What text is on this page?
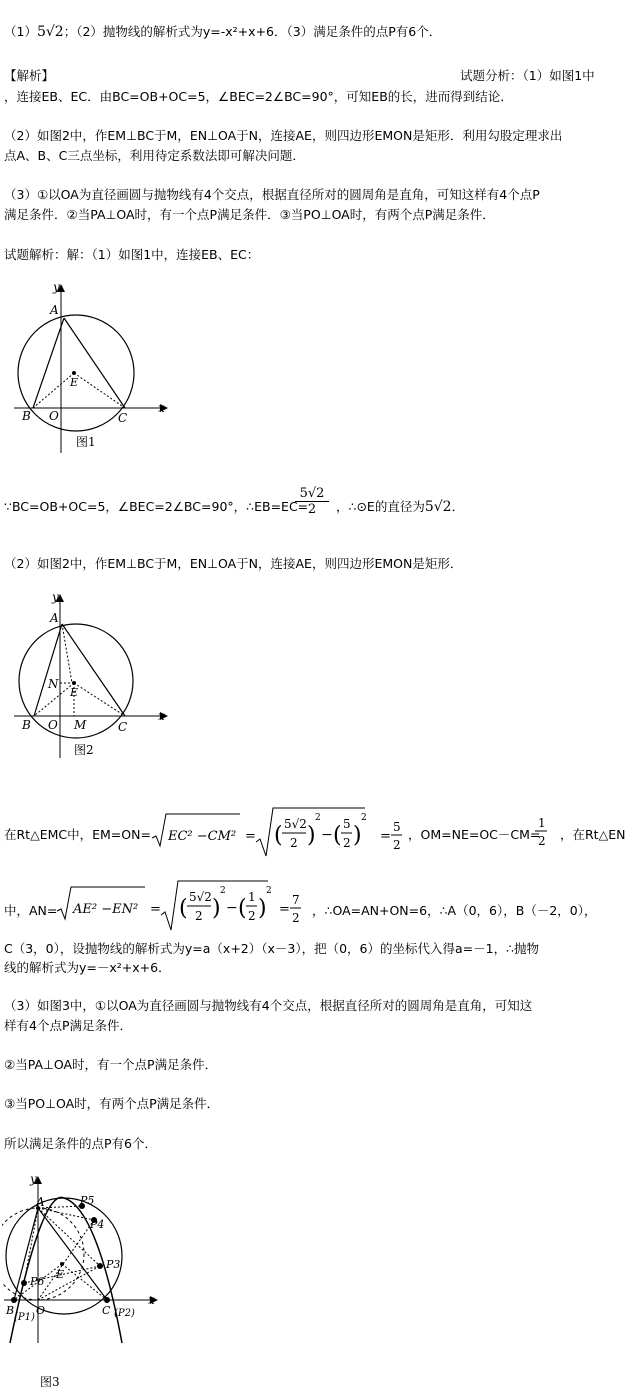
（1）5√2；（2）抛物线的解析式为y=-x²+x+6．（3）满足条件的点P有6个．
【解析】	试题分析：（1）如图1中
，连接EB、EC．由BC=OB+OC=5，∠BEC=2∠BC=90°，可知EB的长，进而得到结论．
（2）如图2中，作EM⊥BC于M，EN⊥OA于N，连接AE，则四边形EMON是矩形．利用勾股定理求出
点A、B、C三点坐标，利用待定系数法即可解决问题．
（3）①以OA为直径画圆与抛物线有4个交点，根据直径所对的圆周角是直角，可知这样有4个点P
满足条件．②当PA⊥OA时，有一个点P满足条件．③当PO⊥OA时，有两个点P满足条件．
试题解析：解：（1）如图1中，连接EB、EC：
A
B O	C
E
x
y
图1
∵BC=OB+OC=5，∠BEC=2∠BC=90°，∴EB=EC=
$\frac{5√2}{2}$ ，∴⊙E的直径为5√2．
（2）如图2中，作EM⊥BC于M，EN⊥OA于N，连接AE，则四边形EMON是矩形．
A
N
E
B O M	C
x
y
图2
在Rt△EMC中，EM=ON= EC² −CM² = ( 5√2
2 )
2
− ( 5
2 )
2
=
5
2
，OM=NE=OC－CM=
1
2 ，在Rt△EN
中，AN= AE² −EN² = ( 5√2
2 )
2
− ( 1
2 )
2
=
7
2 ，∴OA=AN+ON=6，∴A（0，6），B（－2，0），
C（3，0），设抛物线的解析式为y=a（x+2）（x－3），把（0，6）的坐标代入得a=－1，∴抛物
线的解析式为y=－x²+x+6．
（3）如图3中，①以OA为直径画圆与抛物线有4个交点，根据直径所对的圆周角是直角，可知这
样有4个点P满足条件．
②当PA⊥OA时，有一个点P满足条件．
③当PO⊥OA时，有两个点P满足条件．
所以满足条件的点P有6个．
A	P5
P4
P3
P6
E
B
(P1)
O	C (P2)
x
y
图3
